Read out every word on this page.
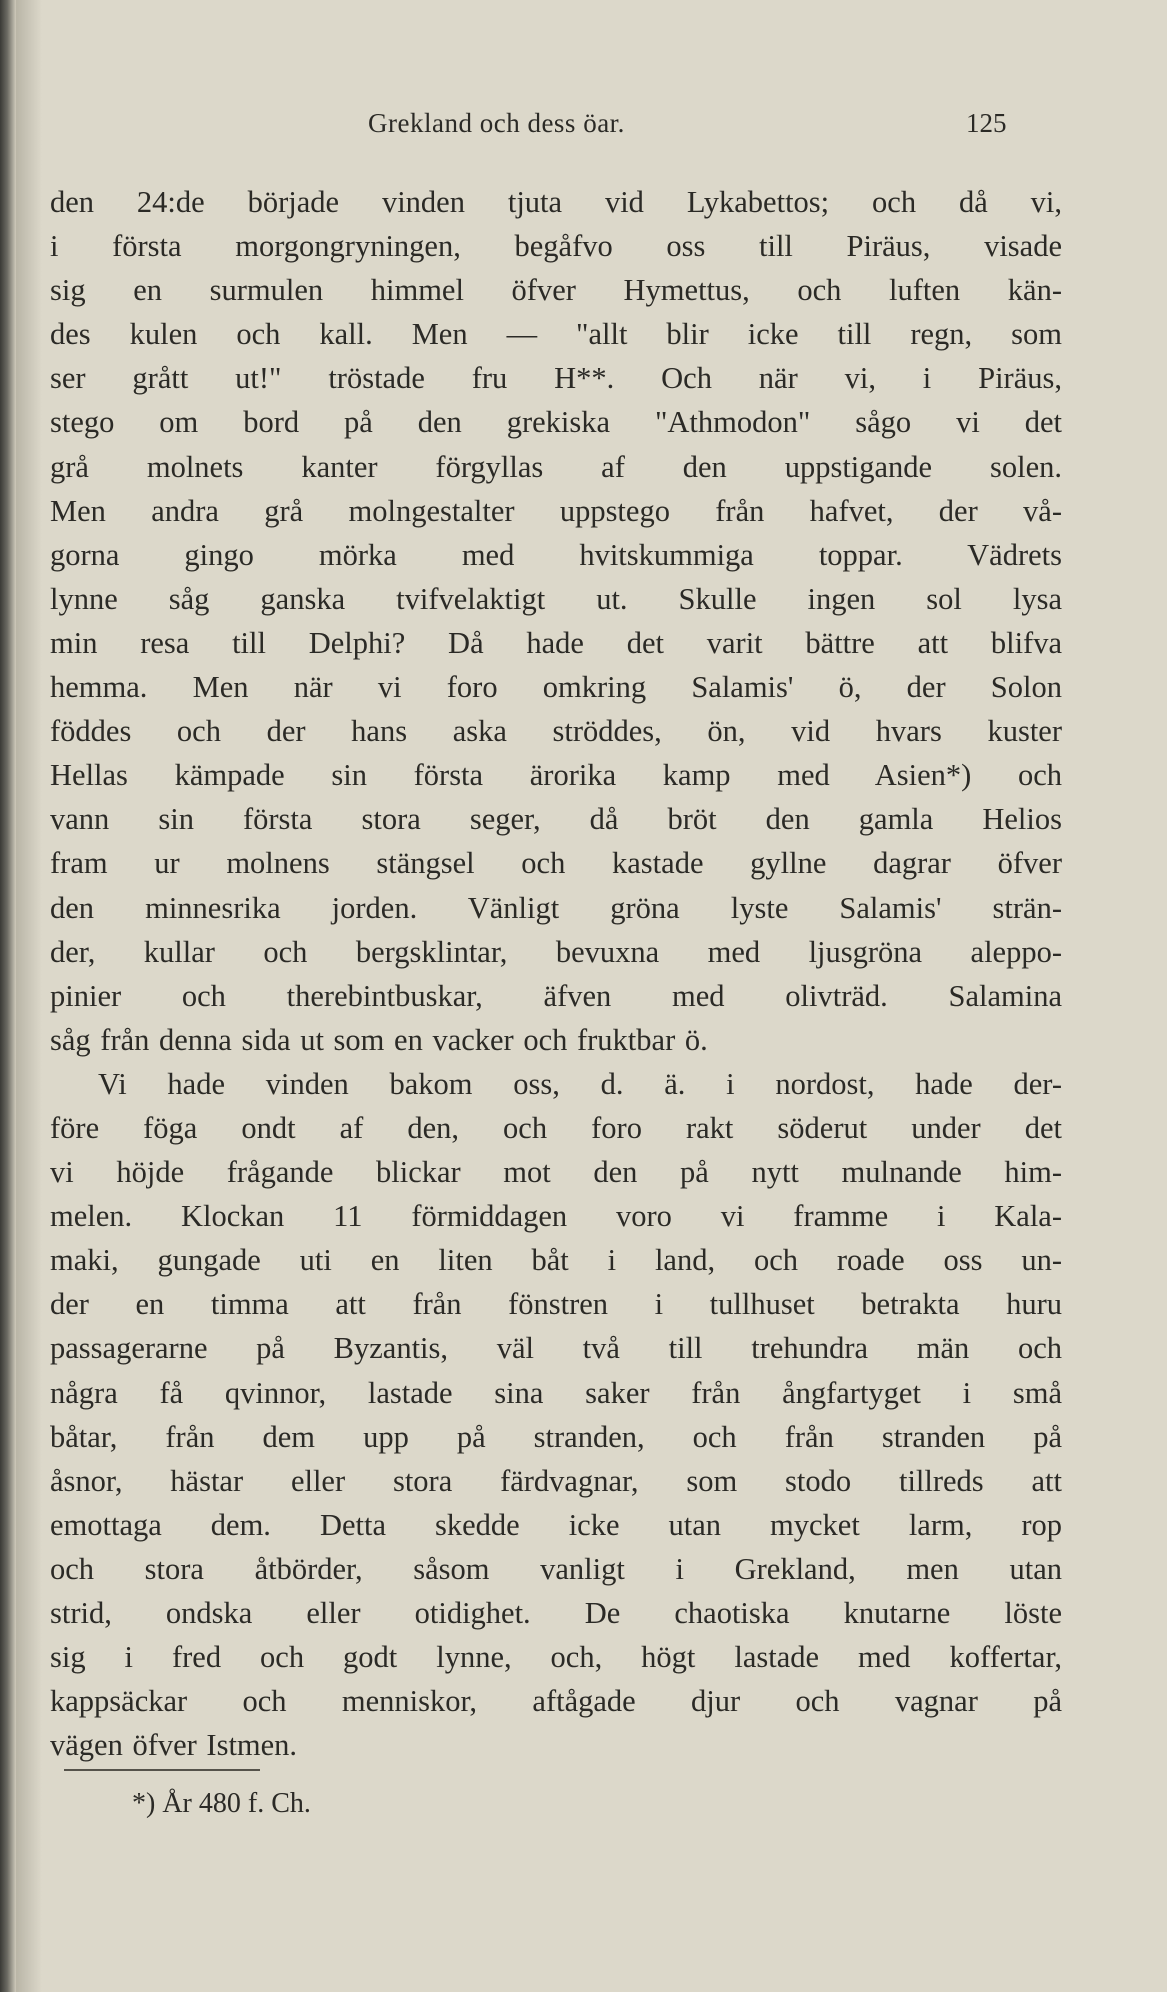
Grekland och dess öar.	125
den 24:de började vinden tjuta vid Lykabettos; och då vi,
i första morgongryningen, begåfvo oss till Piräus, visade
sig en surmulen himmel öfver Hymettus, och luften kän-
des kulen och kall. Men — "allt blir icke till regn, som
ser grått ut!" tröstade fru H**. Och när vi, i Piräus,
stego om bord på den grekiska "Athmodon" sågo vi det
grå molnets kanter förgyllas af den uppstigande solen.
Men andra grå molngestalter uppstego från hafvet, der vå-
gorna gingo mörka med hvitskummiga toppar. Vädrets
lynne såg ganska tvifvelaktigt ut. Skulle ingen sol lysa
min resa till Delphi? Då hade det varit bättre att blifva
hemma. Men när vi foro omkring Salamis' ö, der Solon
föddes och der hans aska ströddes, ön, vid hvars kuster
Hellas kämpade sin första ärorika kamp med Asien*) och
vann sin första stora seger, då bröt den gamla Helios
fram ur molnens stängsel och kastade gyllne dagrar öfver
den minnesrika jorden. Vänligt gröna lyste Salamis' strän-
der, kullar och bergsklintar, bevuxna med ljusgröna aleppo-
pinier och therebintbuskar, äfven med olivträd. Salamina
såg från denna sida ut som en vacker och fruktbar ö.
Vi hade vinden bakom oss, d. ä. i nordost, hade der-
före föga ondt af den, och foro rakt söderut under det
vi höjde frågande blickar mot den på nytt mulnande him-
melen. Klockan 11 förmiddagen voro vi framme i Kala-
maki, gungade uti en liten båt i land, och roade oss un-
der en timma att från fönstren i tullhuset betrakta huru
passagerarne på Byzantis, väl två till trehundra män och
några få qvinnor, lastade sina saker från ångfartyget i små
båtar, från dem upp på stranden, och från stranden på
åsnor, hästar eller stora färdvagnar, som stodo tillreds att
emottaga dem. Detta skedde icke utan mycket larm, rop
och stora åtbörder, såsom vanligt i Grekland, men utan
strid, ondska eller otidighet. De chaotiska knutarne löste
sig i fred och godt lynne, och, högt lastade med koffertar,
kappsäckar och menniskor, aftågade djur och vagnar på
vägen öfver Istmen.
*) År 480 f. Ch.
